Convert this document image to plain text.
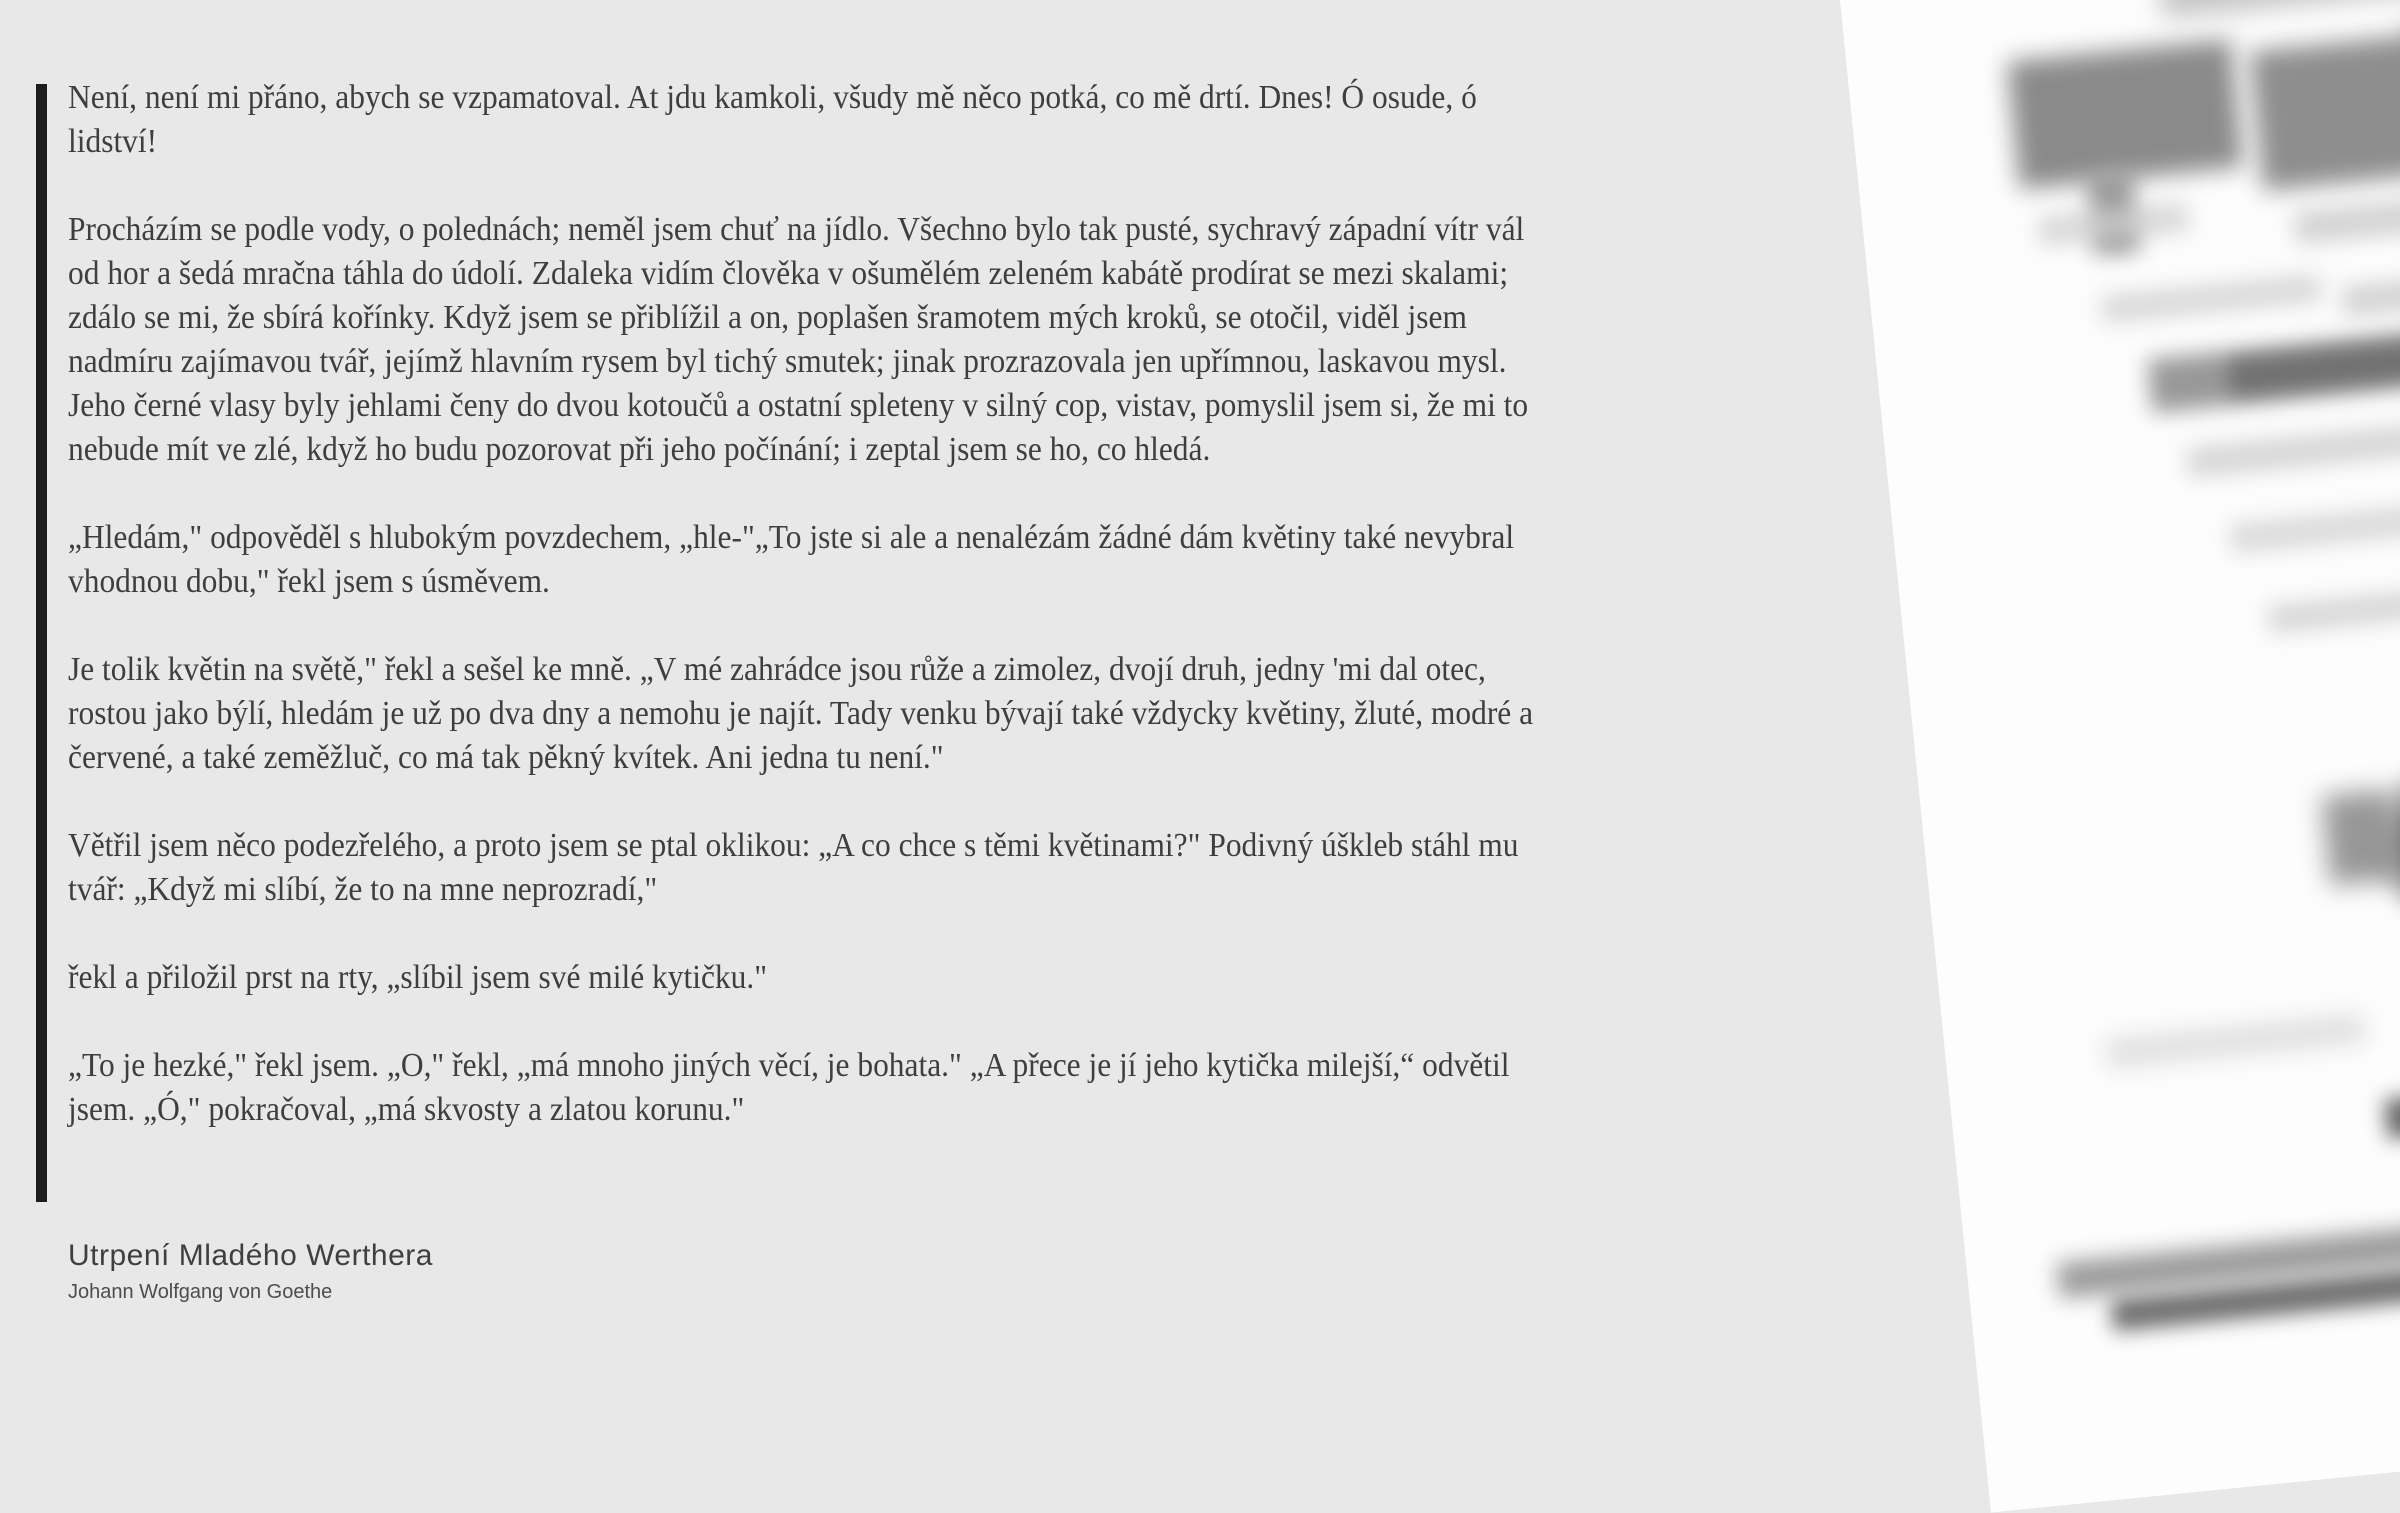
Není, není mi přáno, abych se vzpamatoval. At jdu kamkoli, všudy mě něco potká, co mě drtí. Dnes! Ó osude, ó lidství!

Procházím se podle vody, o polednách; neměl jsem chuť na jídlo. Všechno bylo tak pusté, sychravý západní vítr vál od hor a šedá mračna táhla do údolí. Zdaleka vidím člověka v ošumělém zeleném kabátě prodírat se mezi skalami; zdálo se mi, že sbírá kořínky. Když jsem se přiblížil a on, poplašen šramotem mých kroků, se otočil, viděl jsem nadmíru zajímavou tvář, jejímž hlavním rysem byl tichý smutek; jinak prozrazovala jen upřímnou, laskavou mysl. Jeho černé vlasy byly jehlami čeny do dvou kotoučů a ostatní spleteny v silný cop, vistav, pomyslil jsem si, že mi to nebude mít ve zlé, když ho budu pozorovat při jeho počínání; i zeptal jsem se ho, co hledá.

„Hledám," odpověděl s hlubokým povzdechem, „hle-"„To jste si ale a nenalézám žádné dám květiny také nevybral vhodnou dobu," řekl jsem s úsměvem.

Je tolik květin na světě," řekl a sešel ke mně. „V mé zahrádce jsou růže a zimolez, dvojí druh, jedny 'mi dal otec, rostou jako býlí, hledám je už po dva dny a nemohu je najít. Tady venku bývají také vždycky květiny, žluté, modré a červené, a také zeměžluč, co má tak pěkný kvítek. Ani jedna tu není."

Větřil jsem něco podezřelého, a proto jsem se ptal oklikou: „A co chce s těmi květinami?" Podivný úškleb stáhl mu tvář: „Když mi slíbí, že to na mne neprozradí,"

řekl a přiložil prst na rty, „slíbil jsem své milé kytičku."

„To je hezké," řekl jsem. „O," řekl, „má mnoho jiných věcí, je bohata." „A přece je jí jeho kytička milejší,“ odvětil jsem. „Ó," pokračoval, „má skvosty a zlatou korunu."

Utrpení Mladého Werthera
Johann Wolfgang von Goethe
